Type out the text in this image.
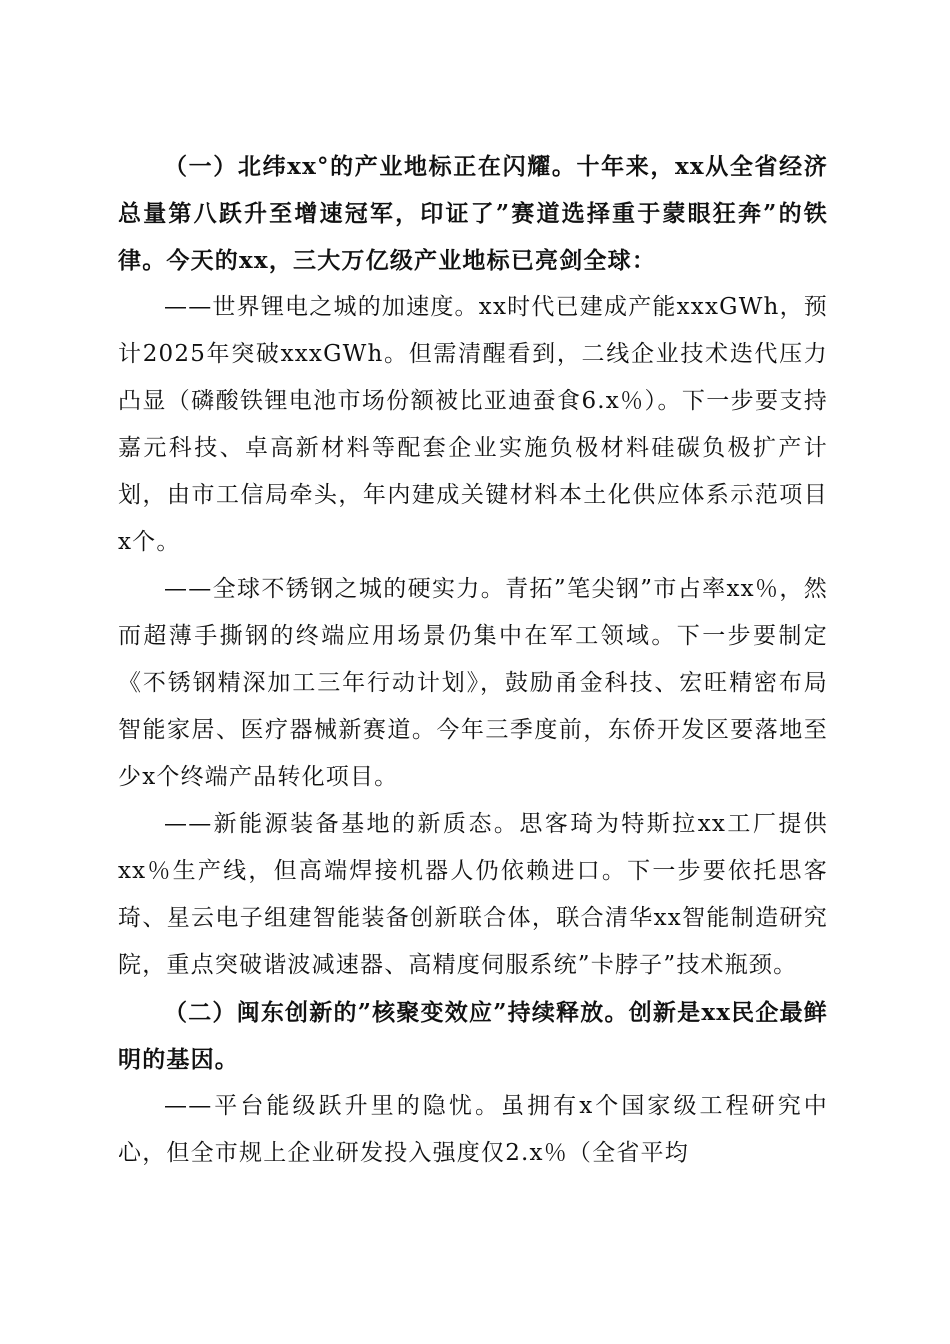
（一）北纬xx°的产业地标正在闪耀。十年来，xx从全省经济总量第八跃升至增速冠军，印证了”赛道选择重于蒙眼狂奔”的铁律。今天的xx，三大万亿级产业地标已亮剑全球：

——世界锂电之城的加速度。xx时代已建成产能xxxGWh，预计2025年突破xxxGWh。但需清醒看到，二线企业技术迭代压力凸显（磷酸铁锂电池市场份额被比亚迪蚕食6.x％）。下一步要支持嘉元科技、卓高新材料等配套企业实施负极材料硅碳负极扩产计划，由市工信局牵头，年内建成关键材料本土化供应体系示范项目x个。

——全球不锈钢之城的硬实力。青拓”笔尖钢”市占率xx％，然而超薄手撕钢的终端应用场景仍集中在军工领域。下一步要制定《不锈钢精深加工三年行动计划》，鼓励甬金科技、宏旺精密布局智能家居、医疗器械新赛道。今年三季度前，东侨开发区要落地至少x个终端产品转化项目。

——新能源装备基地的新质态。思客琦为特斯拉xx工厂提供xx％生产线，但高端焊接机器人仍依赖进口。下一步要依托思客琦、星云电子组建智能装备创新联合体，联合清华xx智能制造研究院，重点突破谐波减速器、高精度伺服系统”卡脖子”技术瓶颈。

（二）闽东创新的”核聚变效应”持续释放。创新是xx民企最鲜明的基因。

——平台能级跃升里的隐忧。虽拥有x个国家级工程研究中心，但全市规上企业研发投入强度仅2.x％（全省平均
